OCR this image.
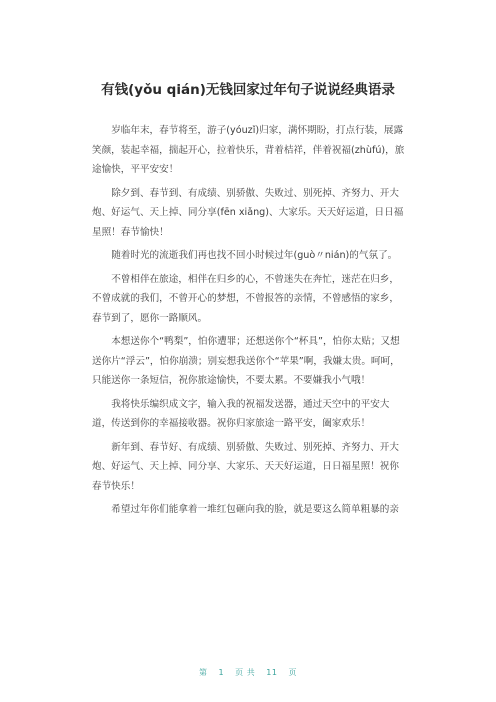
有钱(yǒu qián)无钱回家过年句子说说经典语录

岁临年末，春节将至，游子(yóuzǐ)归家，满怀期盼，打点行装，展露笑颜，装起幸福，揣起开心，拉着快乐，背着桔祥，伴着祝福(zhùfú)，旅途愉快，平平安安！

除夕到、春节到、有成绩、别骄傲、失败过、别死掉、齐努力、开大炮、好运气、天上掉、同分享(fēn xiǎng)、大家乐。天天好运道，日日福星照！春节愉快！

随着时光的流逝我们再也找不回小时候过年(guò〃nián)的气氛了。

不曾相伴在旅途，相伴在归乡的心，不曾迷失在奔忙，迷茫在归乡，不曾成就的我们，不曾开心的梦想，不曾报答的亲情，不曾感悟的家乡，春节到了，愿你一路顺风。

本想送你个“鸭梨”，怕你遭罪；还想送你个“杯具”，怕你太贴；又想送你片“浮云”，怕你崩溃；别妄想我送你个“苹果”啊，我嫌太贵。呵呵，只能送你一条短信，祝你旅途愉快，不要太累。不要嫌我小气哦！

我将快乐编织成文字，输入我的祝福发送器，通过天空中的平安大道，传送到你的幸福接收器。祝你归家旅途一路平安，阖家欢乐！

新年到、春节好、有成绩、别骄傲、失败过、别死掉、齐努力、开大炮、好运气、天上掉、同分享、大家乐、天天好运道，日日福星照！祝你春节快乐！

希望过年你们能拿着一堆红包砸向我的脸，就是要这么简单粗暴的亲

第 1 页 共 11 页
